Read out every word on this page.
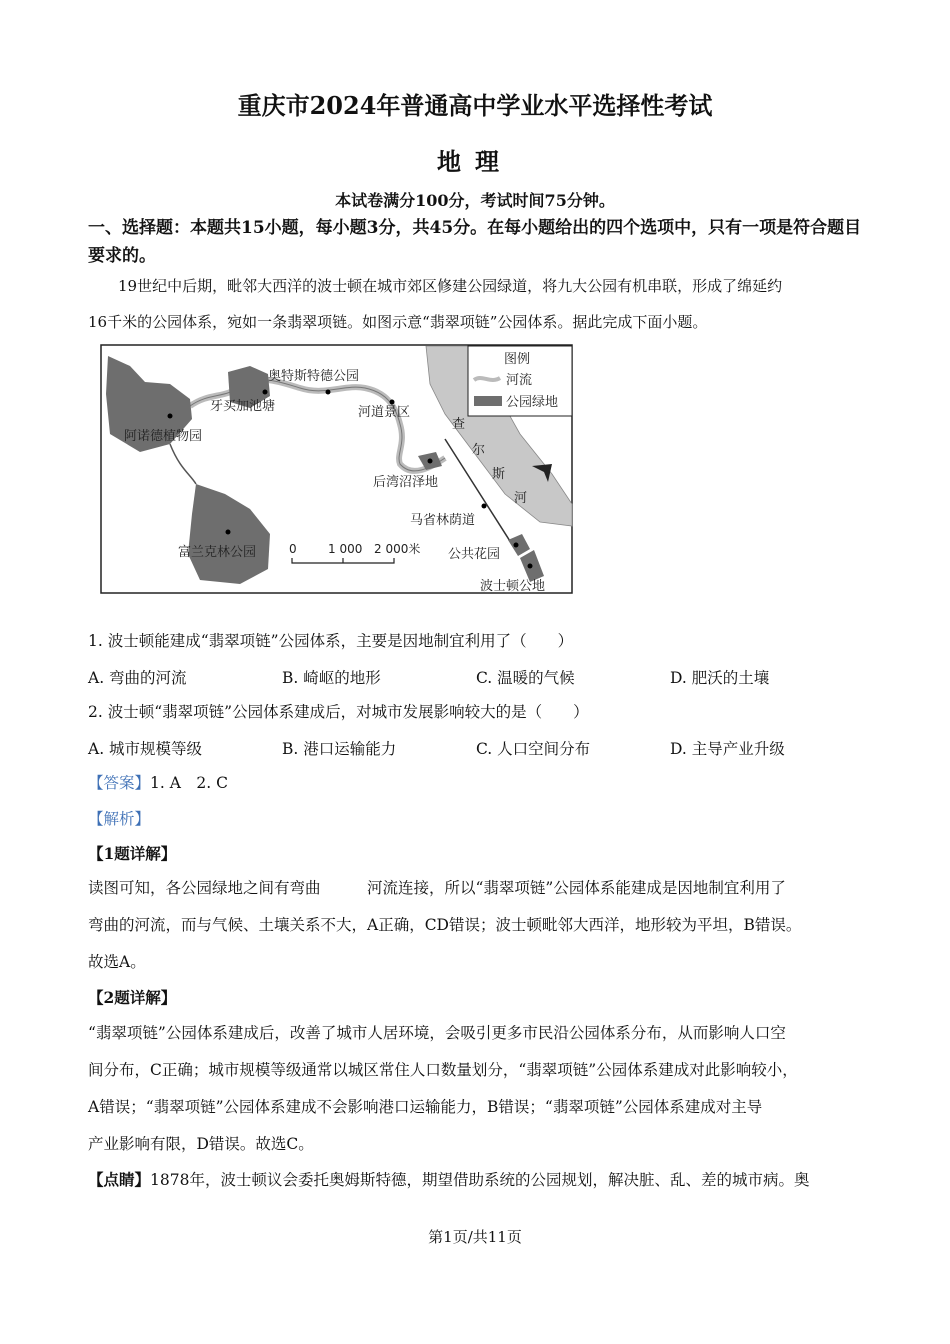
重庆市2024年普通高中学业水平选择性考试
地理
本试卷满分100分，考试时间75分钟。
一、选择题：本题共15小题，每小题3分，共45分。在每小题给出的四个选项中，只有一项是符合题目要求的。
19世纪中后期，毗邻大西洋的波士顿在城市郊区修建公园绿道，将九大公园有机串联，形成了绵延约
16千米的公园体系，宛如一条翡翠项链。如图示意“翡翠项链”公园体系。据此完成下面小题。
奥特斯特德公园
牙买加池塘
阿诺德植物园
河道景区
后湾沼泽地
查
尔
斯
河
马省林荫道
公共花园
波士顿公地
富兰克林公园	0	1 000 2 000米
图例
河流
公园绿地
1. 波士顿能建成“翡翠项链”公园体系，主要是因地制宜利用了（　　）
A. 弯曲的河流	B. 崎岖的地形	C. 温暖的气候	D. 肥沃的土壤
2. 波士顿“翡翠项链”公园体系建成后，对城市发展影响较大的是（　　）
A. 城市规模等级	B. 港口运输能力	C. 人口空间分布	D. 主导产业升级
【答案】1. A　2. C
【解析】
【1题详解】
读图可知，各公园绿地之间有弯曲　　　河流连接，所以“翡翠项链”公园体系能建成是因地制宜利用了
弯曲的河流，而与气候、土壤关系不大，A正确，CD错误；波士顿毗邻大西洋，地形较为平坦，B错误。
故选A。
【2题详解】
“翡翠项链”公园体系建成后，改善了城市人居环境，会吸引更多市民沿公园体系分布，从而影响人口空
间分布，C正确；城市规模等级通常以城区常住人口数量划分，“翡翠项链”公园体系建成对此影响较小，
A错误；“翡翠项链”公园体系建成不会影响港口运输能力，B错误；“翡翠项链”公园体系建成对主导
产业影响有限，D错误。故选C。
【点睛】1878年，波士顿议会委托奥姆斯特德，期望借助系统的公园规划，解决脏、乱、差的城市病。奥
第1页/共11页
